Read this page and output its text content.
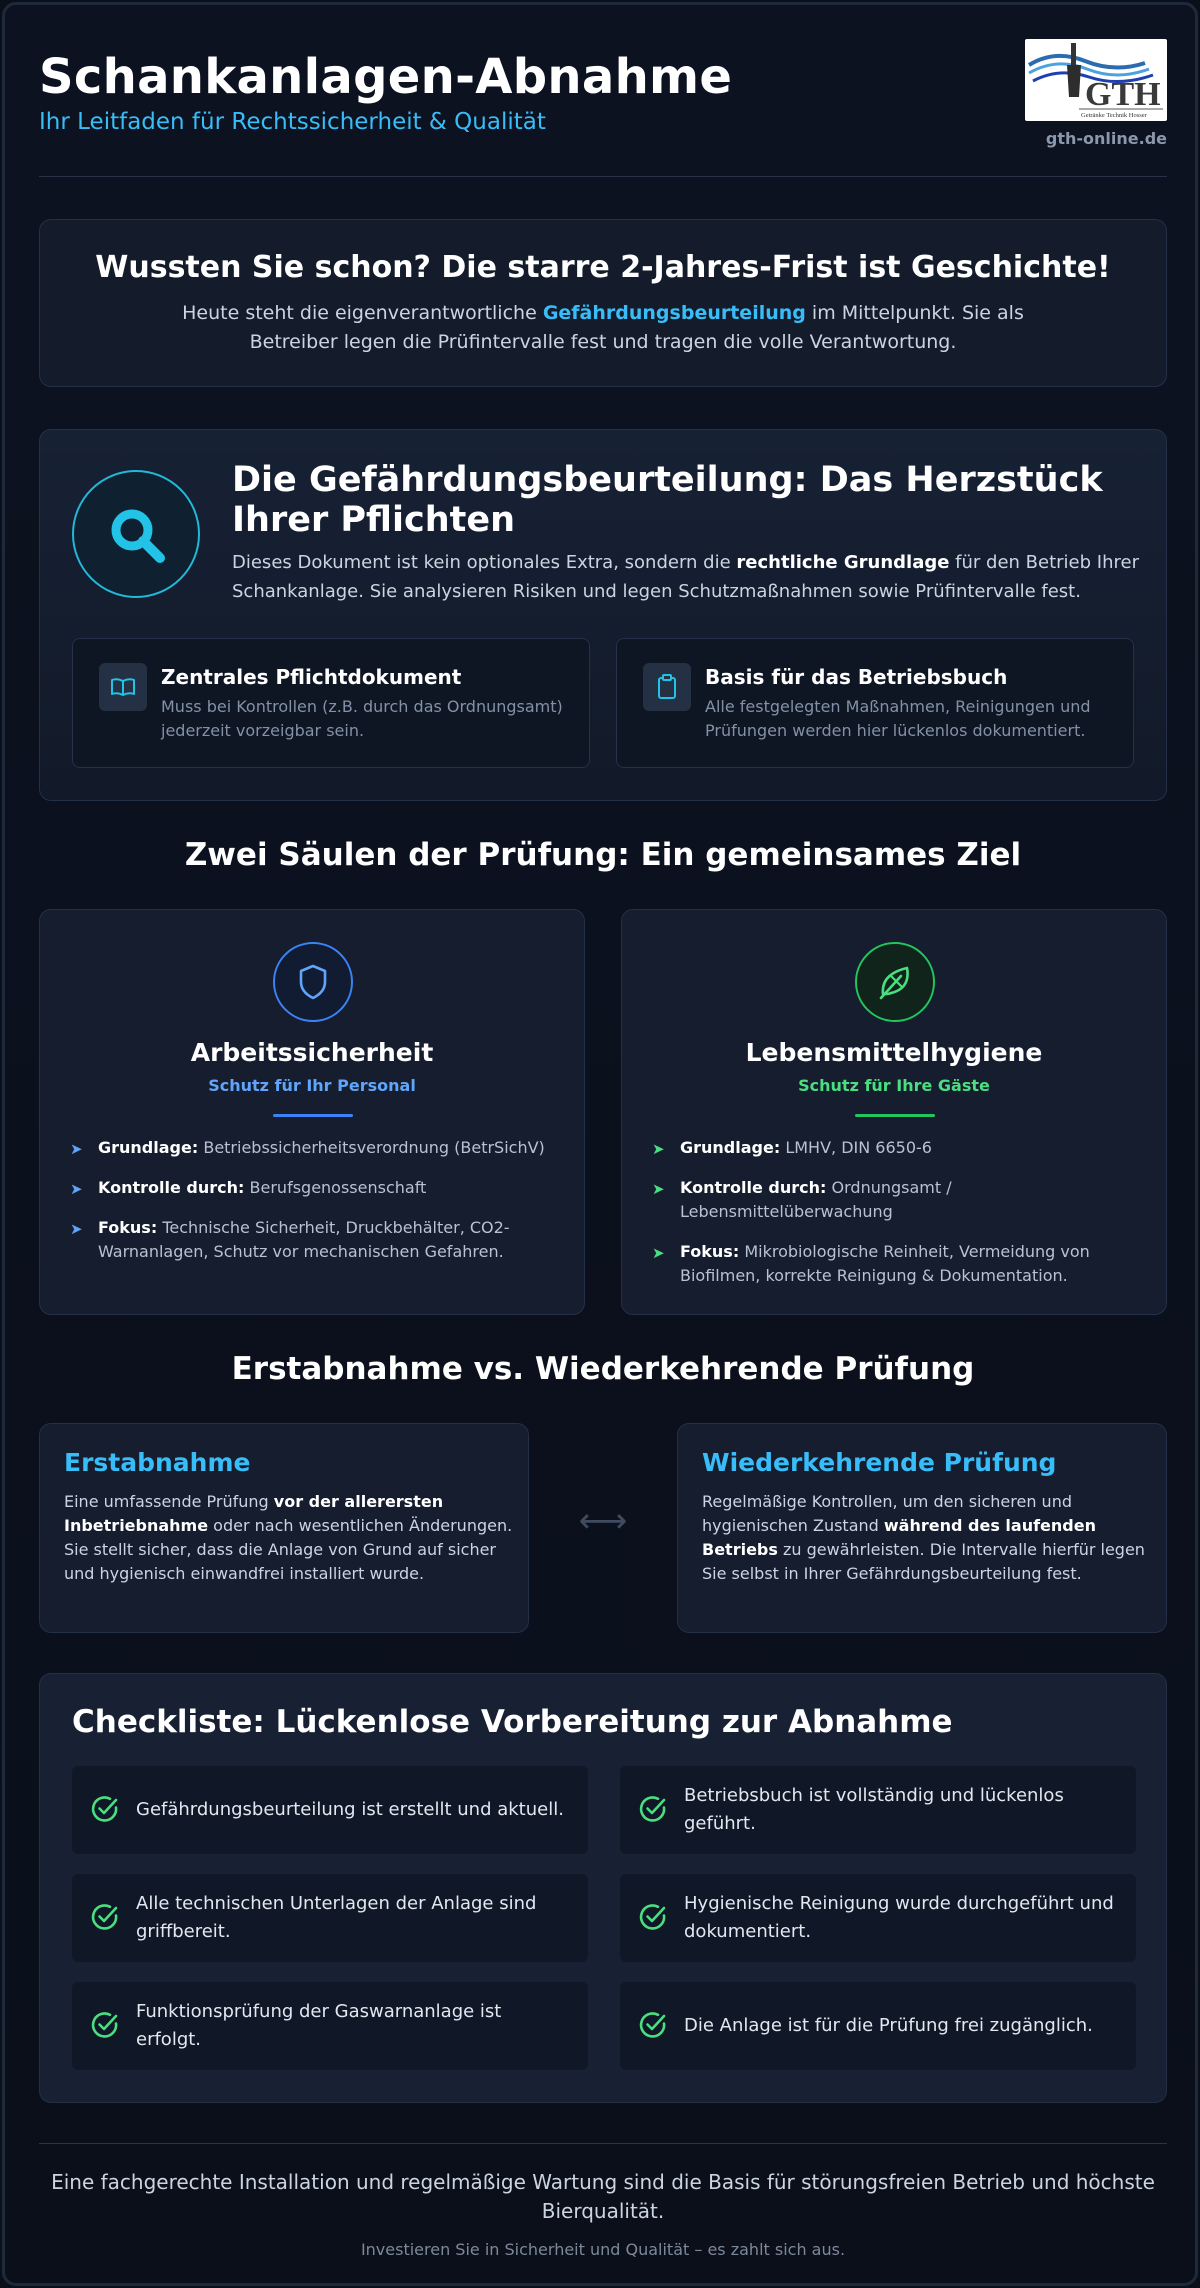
Schankanlagen-Abnahme
Ihr Leitfaden für Rechtssicherheit & Qualität
GTH
Getränke Technik Hosser
gth-online.de
Wussten Sie schon? Die starre 2-Jahres-Frist ist Geschichte!

Heute steht die eigenverantwortliche Gefährdungsbeurteilung im Mittelpunkt. Sie als Betreiber legen die Prüfintervalle fest und tragen die volle Verantwortung.

Die Gefährdungsbeurteilung: Das Herzstück Ihrer Pflichten
Dieses Dokument ist kein optionales Extra, sondern die rechtliche Grundlage für den Betrieb Ihrer Schankanlage. Sie analysieren Risiken und legen Schutzmaßnahmen sowie Prüfintervalle fest.
Zentrales Pflichtdokument
Muss bei Kontrollen (z.B. durch das Ordnungsamt) jederzeit vorzeigbar sein.
Basis für das Betriebsbuch
Alle festgelegten Maßnahmen, Reinigungen und Prüfungen werden hier lückenlos dokumentiert.
Zwei Säulen der Prüfung: Ein gemeinsames Ziel
Arbeitssicherheit
Schutz für Ihr Personal
➤ Grundlage: Betriebssicherheitsverordnung (BetrSichV)
➤ Kontrolle durch: Berufsgenossenschaft
➤ Fokus: Technische Sicherheit, Druckbehälter, CO2-Warnanlagen, Schutz vor mechanischen Gefahren.
Lebensmittelhygiene
Schutz für Ihre Gäste
➤ Grundlage: LMHV, DIN 6650-6
➤ Kontrolle durch: Ordnungsamt / Lebensmittelüberwachung
➤ Fokus: Mikrobiologische Reinheit, Vermeidung von Biofilmen, korrekte Reinigung & Dokumentation.
Erstabnahme vs. Wiederkehrende Prüfung
Erstabnahme

Eine umfassende Prüfung vor der allerersten Inbetriebnahme oder nach wesentlichen Änderungen. Sie stellt sicher, dass die Anlage von Grund auf sicher und hygienisch einwandfrei installiert wurde.

⟷
Wiederkehrende Prüfung

Regelmäßige Kontrollen, um den sicheren und hygienischen Zustand während des laufenden Betriebs zu gewährleisten. Die Intervalle hierfür legen Sie selbst in Ihrer Gefährdungsbeurteilung fest.

Checkliste: Lückenlose Vorbereitung zur Abnahme
Gefährdungsbeurteilung ist erstellt und aktuell.
Betriebsbuch ist vollständig und lückenlos geführt.
Alle technischen Unterlagen der Anlage sind griffbereit.
Hygienische Reinigung wurde durchgeführt und dokumentiert.
Funktionsprüfung der Gaswarnanlage ist erfolgt.
Die Anlage ist für die Prüfung frei zugänglich.
Eine fachgerechte Installation und regelmäßige Wartung sind die Basis für störungsfreien Betrieb und höchste Bierqualität.
Investieren Sie in Sicherheit und Qualität – es zahlt sich aus.
